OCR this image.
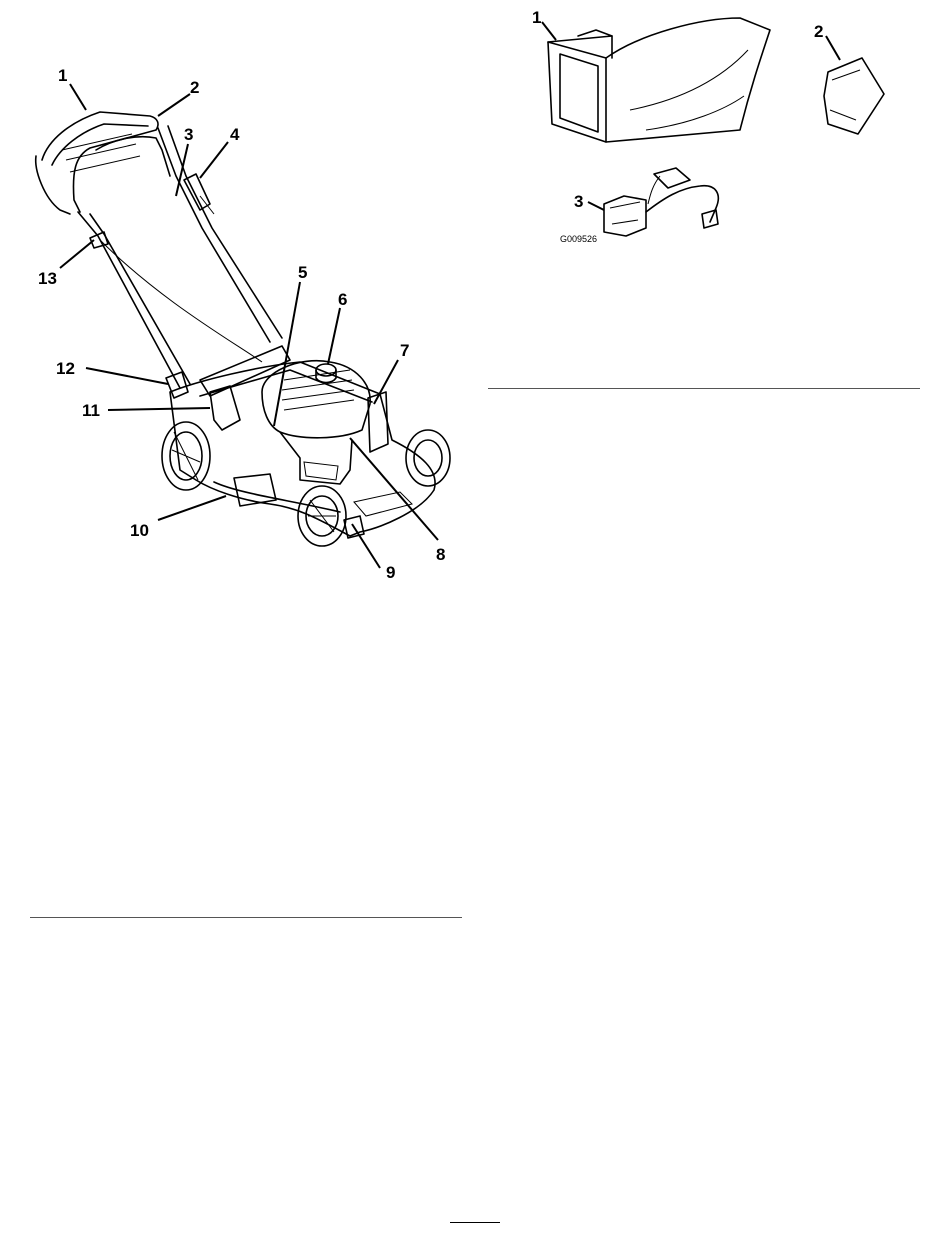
1
2
3 4
5
6
7
8
9
10
11
12
13
1
2
3
G009526
